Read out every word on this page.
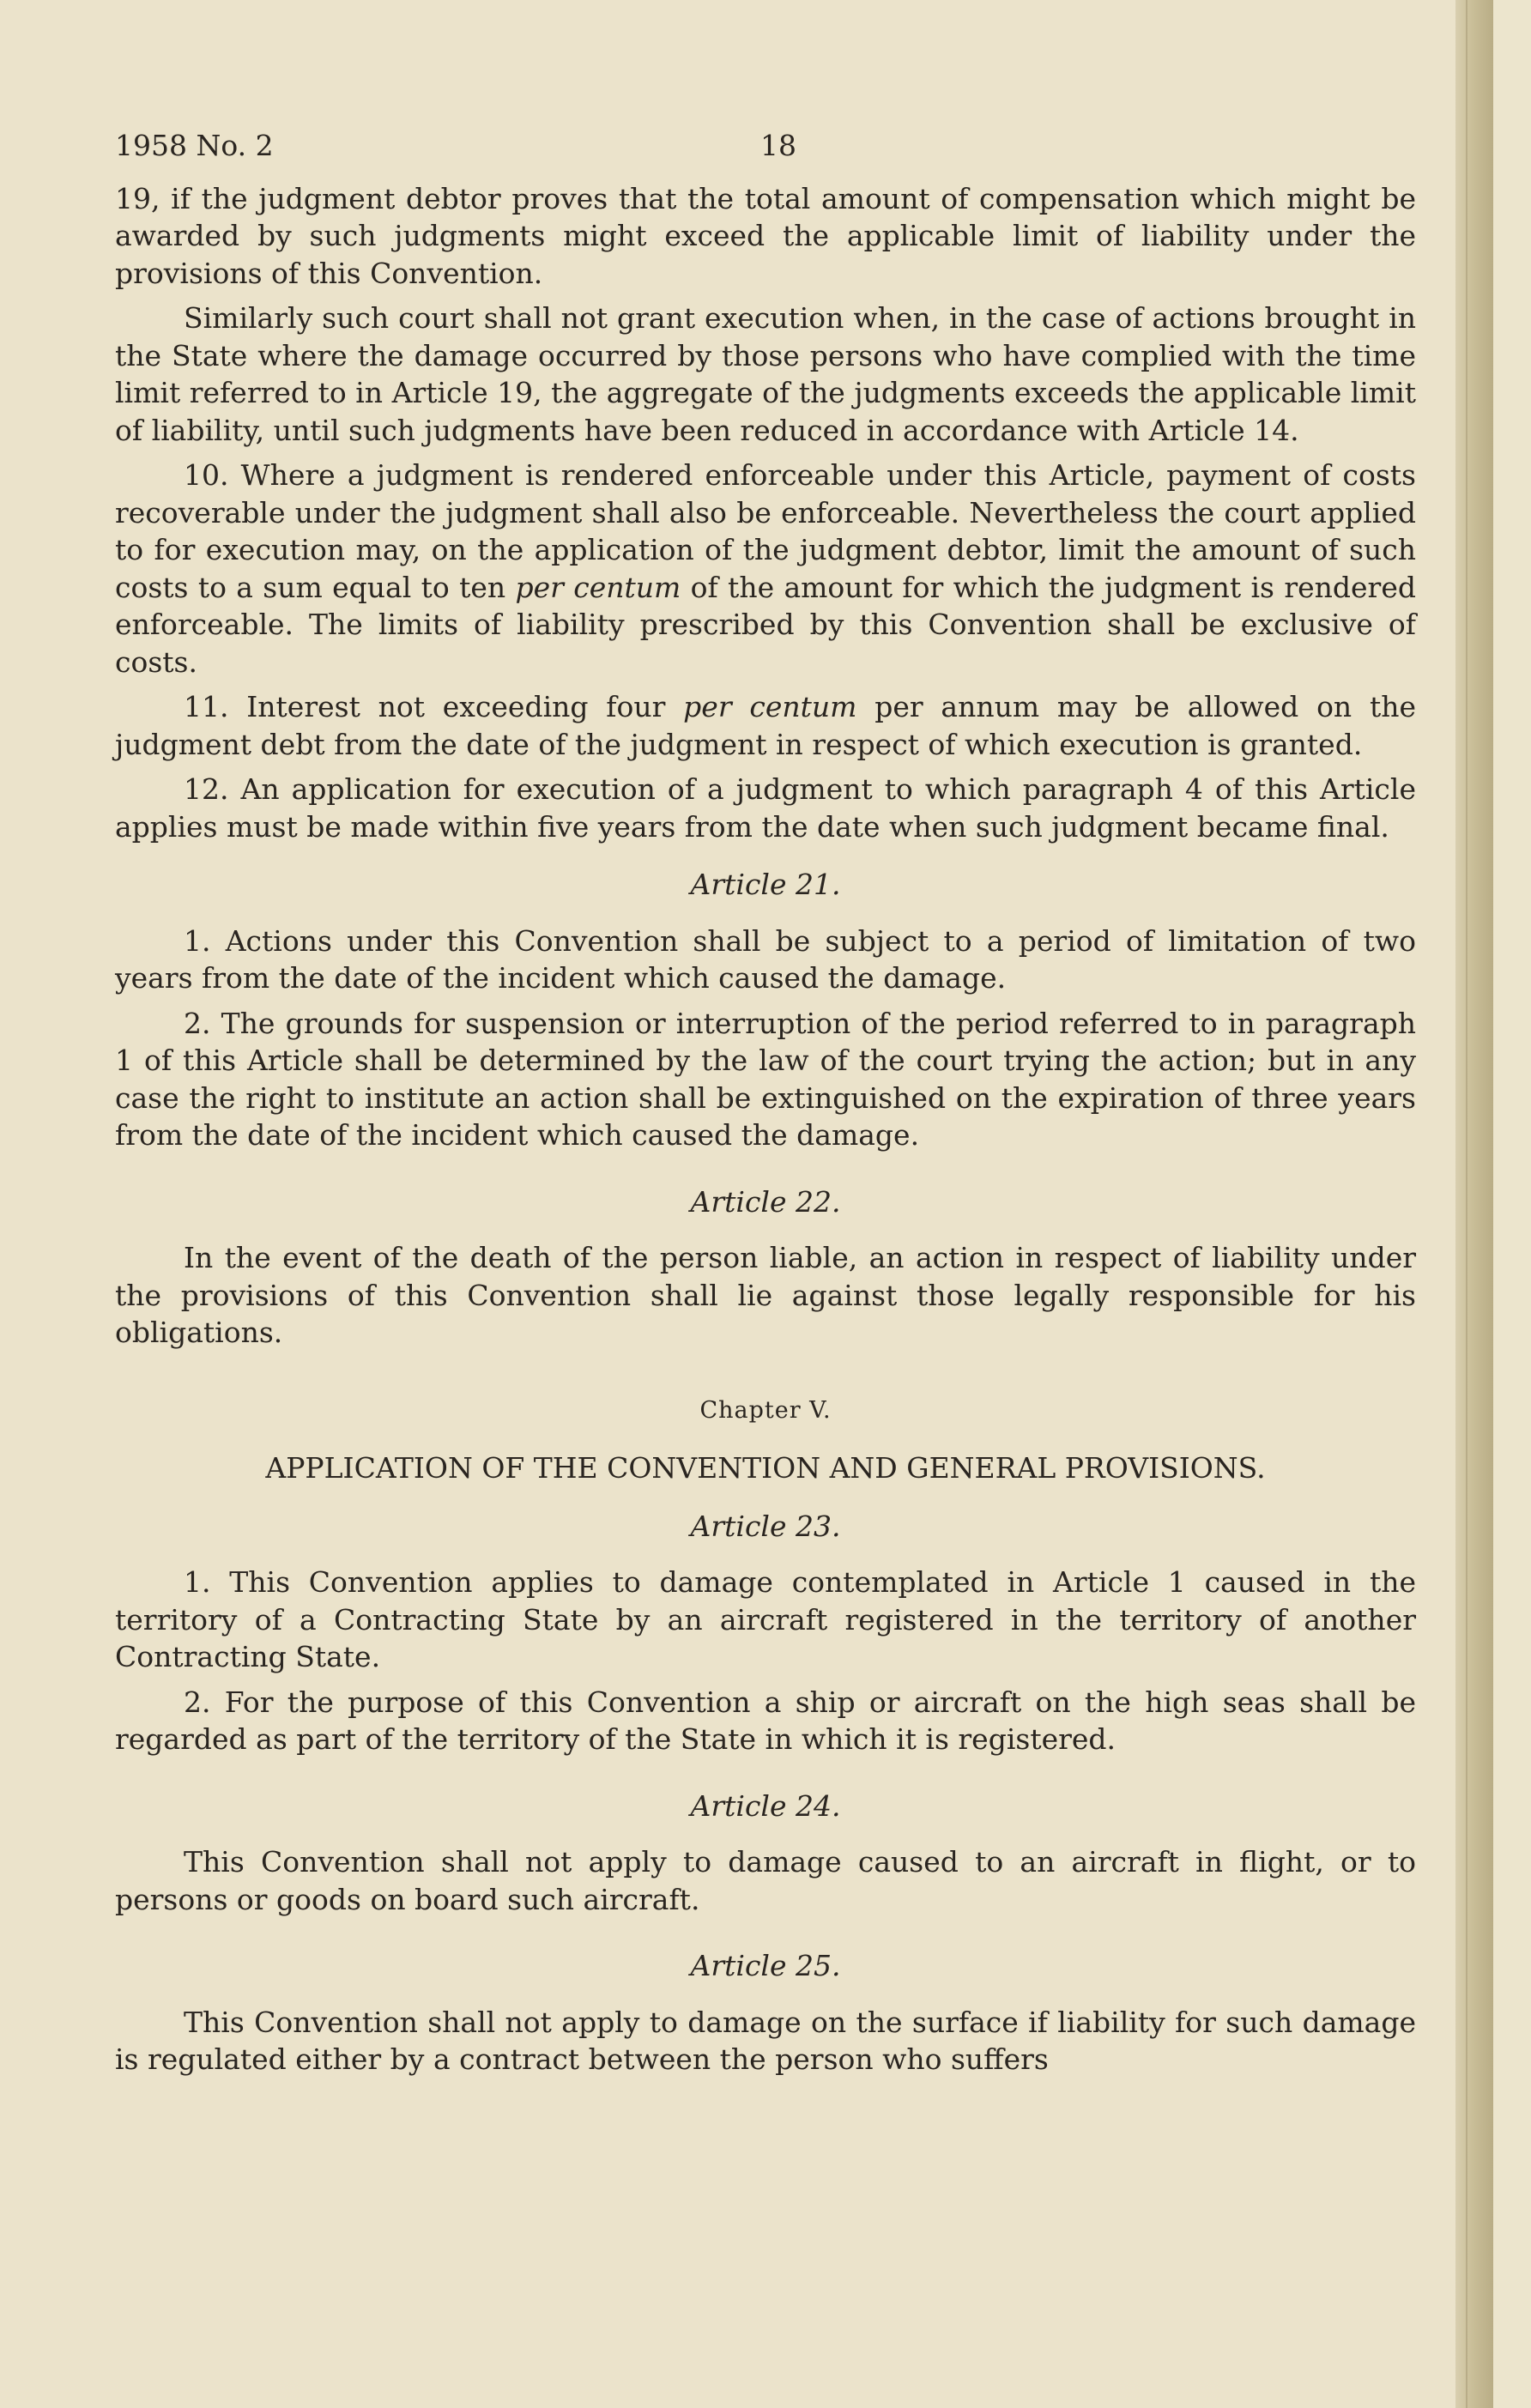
1958 No. 2	18

19, if the judgment debtor proves that the total amount of compensation which might be awarded by such judgments might exceed the applicable limit of liability under the provisions of this Convention.

Similarly such court shall not grant execution when, in the case of actions brought in the State where the damage occurred by those persons who have complied with the time limit referred to in Article 19, the aggregate of the judgments exceeds the applicable limit of liability, until such judgments have been reduced in accordance with Article 14.

10. Where a judgment is rendered enforceable under this Article, payment of costs recoverable under the judgment shall also be enforceable. Nevertheless the court applied to for execution may, on the application of the judgment debtor, limit the amount of such costs to a sum equal to ten per centum of the amount for which the judgment is rendered enforceable. The limits of liability prescribed by this Convention shall be exclusive of costs.

11. Interest not exceeding four per centum per annum may be allowed on the judgment debt from the date of the judgment in respect of which execution is granted.

12. An application for execution of a judgment to which paragraph 4 of this Article applies must be made within five years from the date when such judgment became final.

Article 21.

1. Actions under this Convention shall be subject to a period of limitation of two years from the date of the incident which caused the damage.

2. The grounds for suspension or interruption of the period referred to in paragraph 1 of this Article shall be determined by the law of the court trying the action; but in any case the right to institute an action shall be extinguished on the expiration of three years from the date of the incident which caused the damage.

Article 22.

In the event of the death of the person liable, an action in respect of liability under the provisions of this Convention shall lie against those legally responsible for his obligations.

Chapter V.
APPLICATION OF THE CONVENTION AND GENERAL PROVISIONS.
Article 23.

1. This Convention applies to damage contemplated in Article 1 caused in the territory of a Contracting State by an aircraft registered in the territory of another Contracting State.

2. For the purpose of this Convention a ship or aircraft on the high seas shall be regarded as part of the territory of the State in which it is registered.

Article 24.

This Convention shall not apply to damage caused to an aircraft in flight, or to persons or goods on board such aircraft.

Article 25.

This Convention shall not apply to damage on the surface if liability for such damage is regulated either by a contract between the person who suffers
